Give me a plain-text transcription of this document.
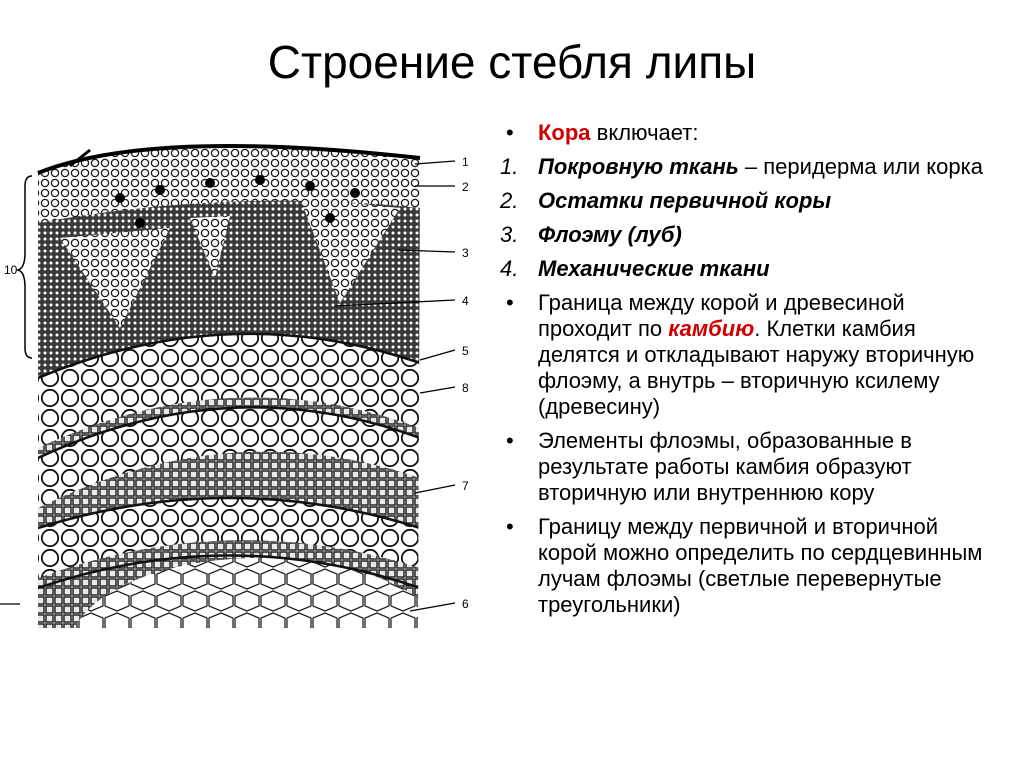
Строение стебля липы
1
2
3
4
5
8
7
6
10
• Кора включает:
1. Покровную ткань – перидерма или корка
2. Остатки первичной коры
3. Флоэму (луб)
4. Механические ткани
• Граница между корой и древесиной проходит по камбию. Клетки камбия делятся и откладывают наружу вторичную флоэму, а внутрь – вторичную ксилему (древесину)
• Элементы флоэмы, образованные в результате работы камбия образуют вторичную или внутреннюю кору
• Границу между первичной и вторичной корой можно определить по сердцевинным лучам флоэмы (светлые перевернутые треугольники)
